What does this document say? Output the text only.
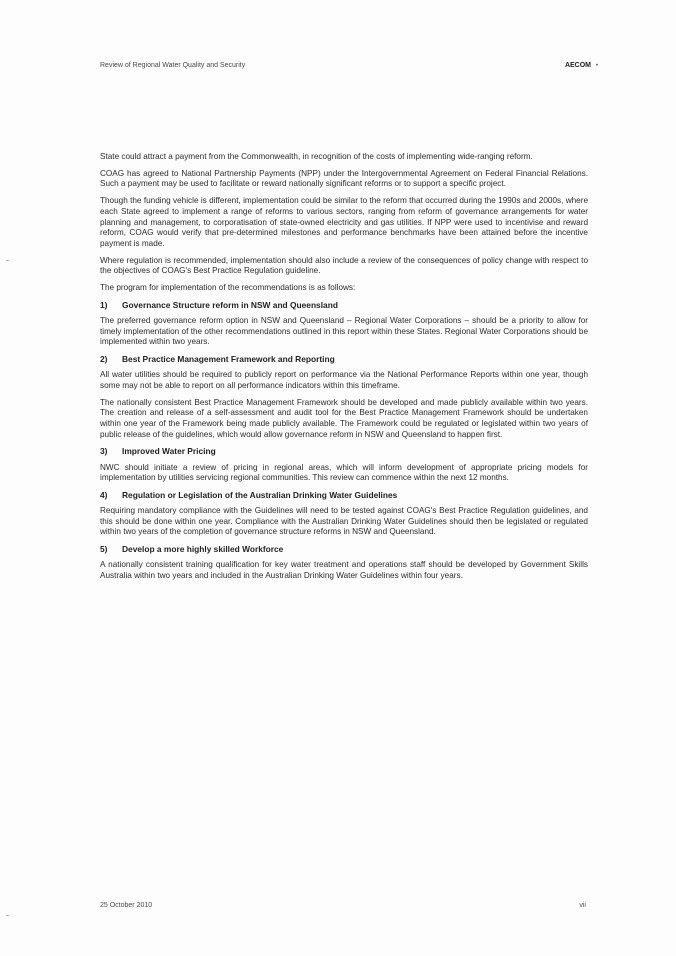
Review of Regional Water Quality and Security	AECOM •

State could attract a payment from the Commonwealth, in recognition of the costs of implementing wide-ranging reform.

COAG has agreed to National Partnership Payments (NPP) under the Intergovernmental Agreement on Federal Financial Relations. Such a payment may be used to facilitate or reward nationally significant reforms or to support a specific project.

Though the funding vehicle is different, implementation could be similar to the reform that occurred during the 1990s and 2000s, where each State agreed to implement a range of reforms to various sectors, ranging from reform of governance arrangements for water planning and management, to corporatisation of state-owned electricity and gas utilities. If NPP were used to incentivise and reward reform, COAG would verify that pre-determined milestones and performance benchmarks have been attained before the incentive payment is made.

Where regulation is recommended, implementation should also include a review of the consequences of policy change with respect to the objectives of COAG's Best Practice Regulation guideline.

The program for implementation of the recommendations is as follows:

1) Governance Structure reform in NSW and Queensland

The preferred governance reform option in NSW and Queensland – Regional Water Corporations – should be a priority to allow for timely implementation of the other recommendations outlined in this report within these States. Regional Water Corporations should be implemented within two years.

2) Best Practice Management Framework and Reporting

All water utilities should be required to publicly report on performance via the National Performance Reports within one year, though some may not be able to report on all performance indicators within this timeframe.

The nationally consistent Best Practice Management Framework should be developed and made publicly available within two years. The creation and release of a self-assessment and audit tool for the Best Practice Management Framework should be undertaken within one year of the Framework being made publicly available. The Framework could be regulated or legislated within two years of public release of the guidelines, which would allow governance reform in NSW and Queensland to happen first.

3) Improved Water Pricing

NWC should initiate a review of pricing in regional areas, which will inform development of appropriate pricing models for implementation by utilities servicing regional communities. This review can commence within the next 12 months.

4) Regulation or Legislation of the Australian Drinking Water Guidelines

Requiring mandatory compliance with the Guidelines will need to be tested against COAG's Best Practice Regulation guidelines, and this should be done within one year. Compliance with the Australian Drinking Water Guidelines should then be legislated or regulated within two years of the completion of governance structure reforms in NSW and Queensland.

5) Develop a more highly skilled Workforce

A nationally consistent training qualification for key water treatment and operations staff should be developed by Government Skills Australia within two years and included in the Australian Drinking Water Guidelines within four years.

25 October 2010	vii
